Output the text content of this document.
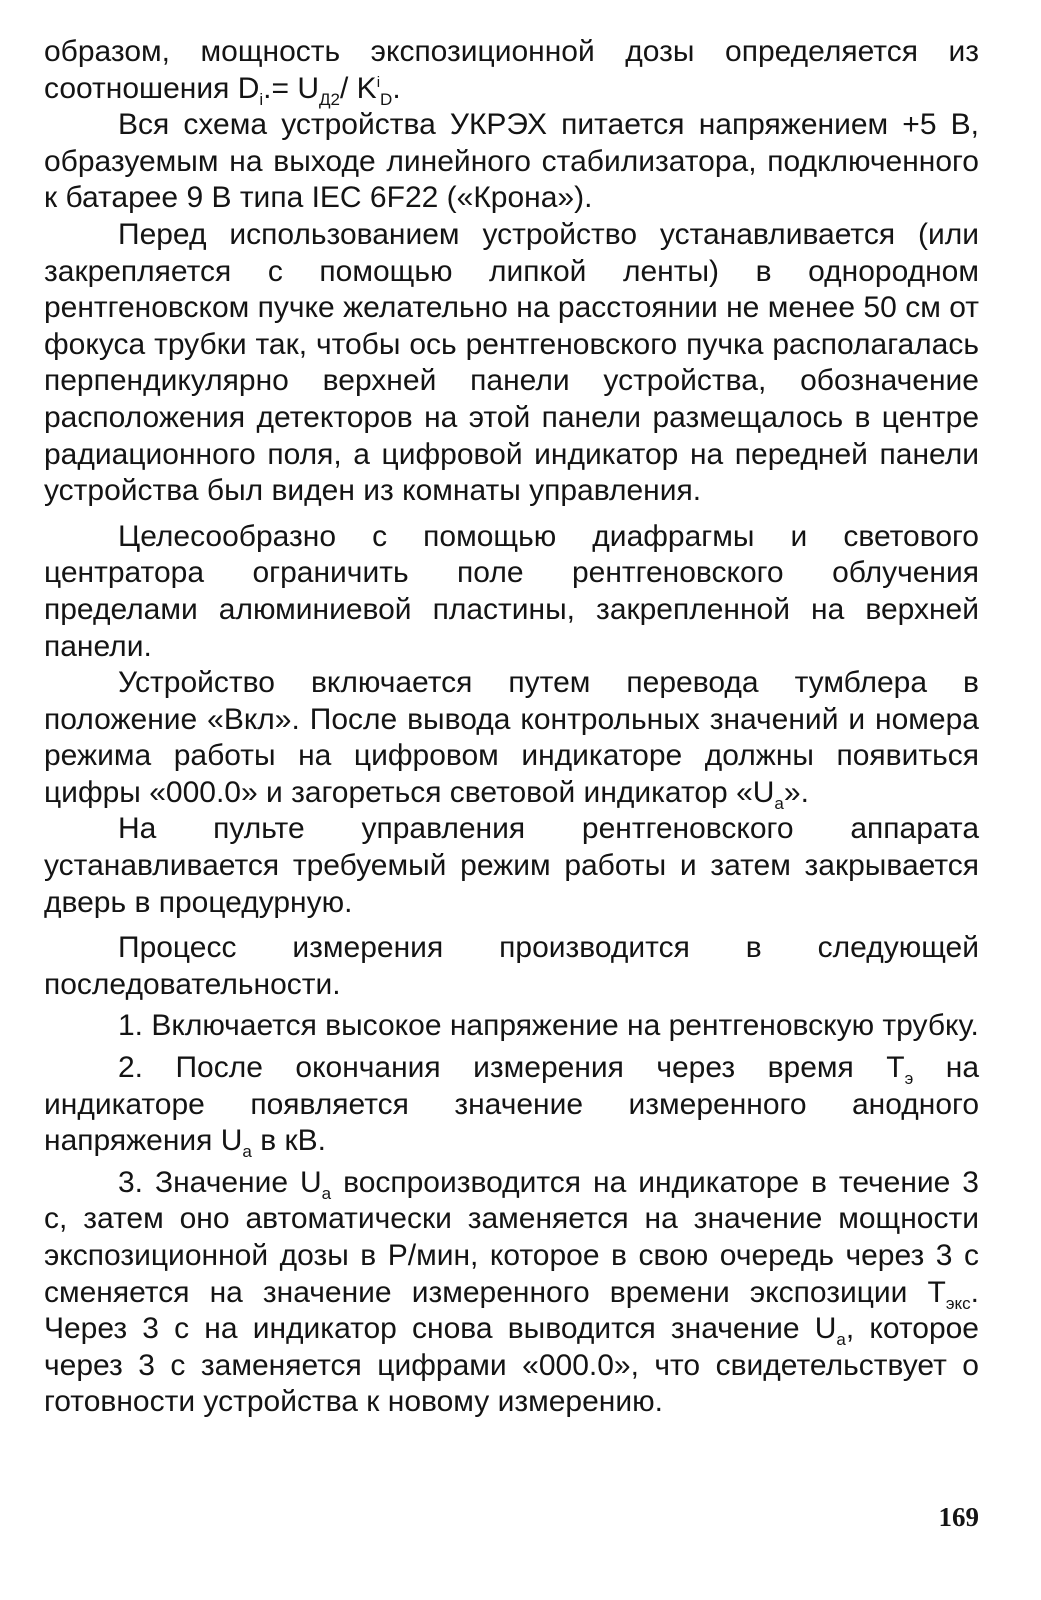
образом, мощность экспозиционной дозы определяется из соотношения $D_i.= U_{Д2}/$ $K^i_D$.

Вся схема устройства УКРЭХ питается напряжением +5 В, образуемым на выходе линейного стабилизатора, подключенного к батарее 9 В типа IEC 6F22 («Крона»).

Перед использованием устройство устанавливается (или закрепляется с помощью липкой ленты) в однородном рентгеновском пучке желательно на расстоянии не менее 50 см от фокуса трубки так, чтобы ось рентгеновского пучка располагалась перпендикулярно верхней панели устройства, обозначение расположения детекторов на этой панели размещалось в центре радиационного поля, а цифровой индикатор на передней панели устройства был виден из комнаты управления.

Целесообразно с помощью диафрагмы и светового центратора ограничить поле рентгеновского облучения пределами алюминиевой пластины, закрепленной на верхней панели.

Устройство включается путем перевода тумблера в положение «Вкл». После вывода контрольных значений и номера режима работы на цифровом индикаторе должны появиться цифры «000.0» и загореться световой индикатор «$U_а$».

На пульте управления рентгеновского аппарата устанавливается требуемый режим работы и затем закрывается дверь в процедурную.

Процесс измерения производится в следующей последовательности.

1. Включается высокое напряжение на рентгеновскую трубку.

2. После окончания измерения через время $Т_э$ на индикаторе появляется значение измеренного анодного напряжения $U_а$ в кВ.

3. Значение $U_а$ воспроизводится на индикаторе в течение 3 с, затем оно автоматически заменяется на значение мощности экспозиционной дозы в Р/мин, которое в свою очередь через 3 с сменяется на значение измеренного времени экспозиции $Т_{экс}$. Через 3 с на индикатор снова выводится значение $U_а$, которое через 3 с заменяется цифрами «000.0», что свидетельствует о готовности устройства к новому измерению.

169
